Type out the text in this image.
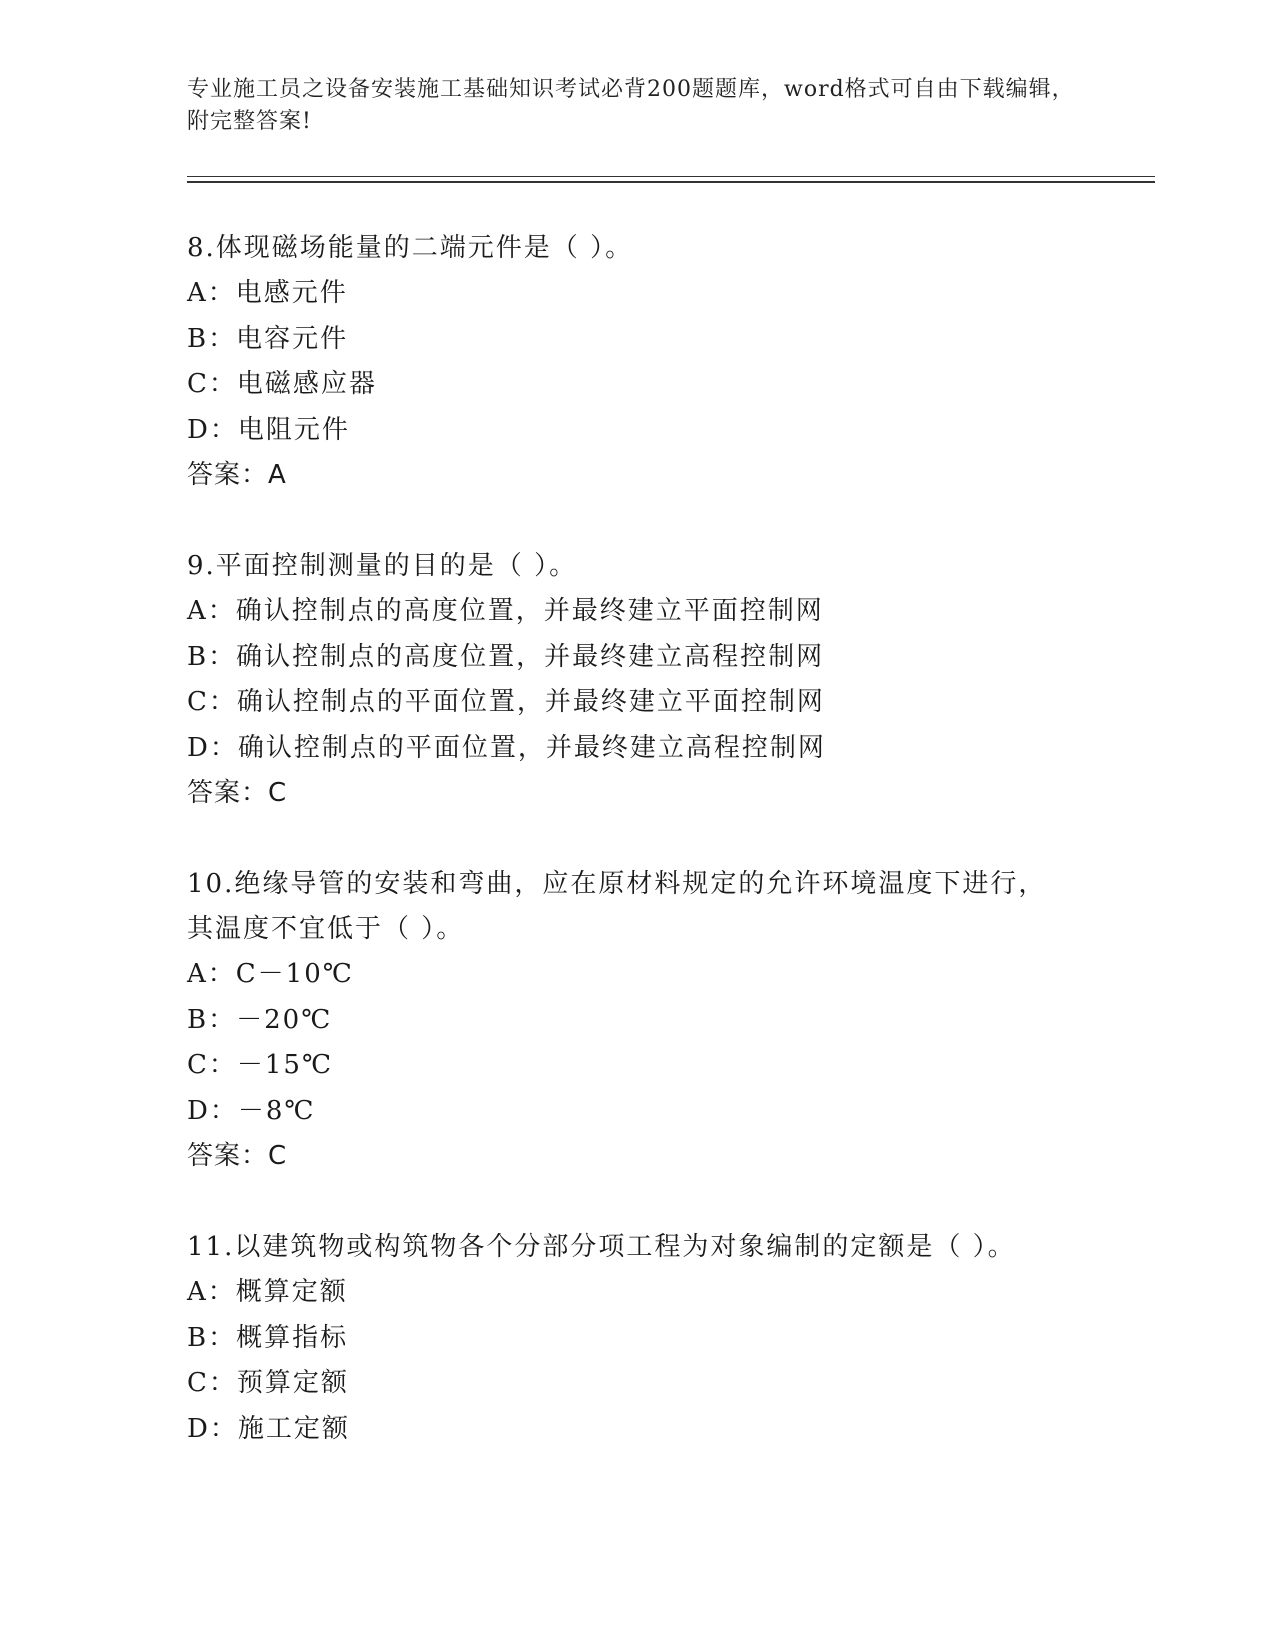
专业施工员之设备安装施工基础知识考试必背200题题库，word格式可自由下载编辑，附完整答案!

8.体现磁场能量的二端元件是（ ）。

A：电感元件

B：电容元件

C：电磁感应器

D：电阻元件

答案：A

9.平面控制测量的目的是（ ）。

A：确认控制点的高度位置，并最终建立平面控制网

B：确认控制点的高度位置，并最终建立高程控制网

C：确认控制点的平面位置，并最终建立平面控制网

D：确认控制点的平面位置，并最终建立高程控制网

答案：C

10.绝缘导管的安装和弯曲，应在原材料规定的允许环境温度下进行，其温度不宜低于（ ）。

A：C－10℃

B：－20℃

C：－15℃

D：－8℃

答案：C

11.以建筑物或构筑物各个分部分项工程为对象编制的定额是（ ）。

A：概算定额

B：概算指标

C：预算定额

D：施工定额
